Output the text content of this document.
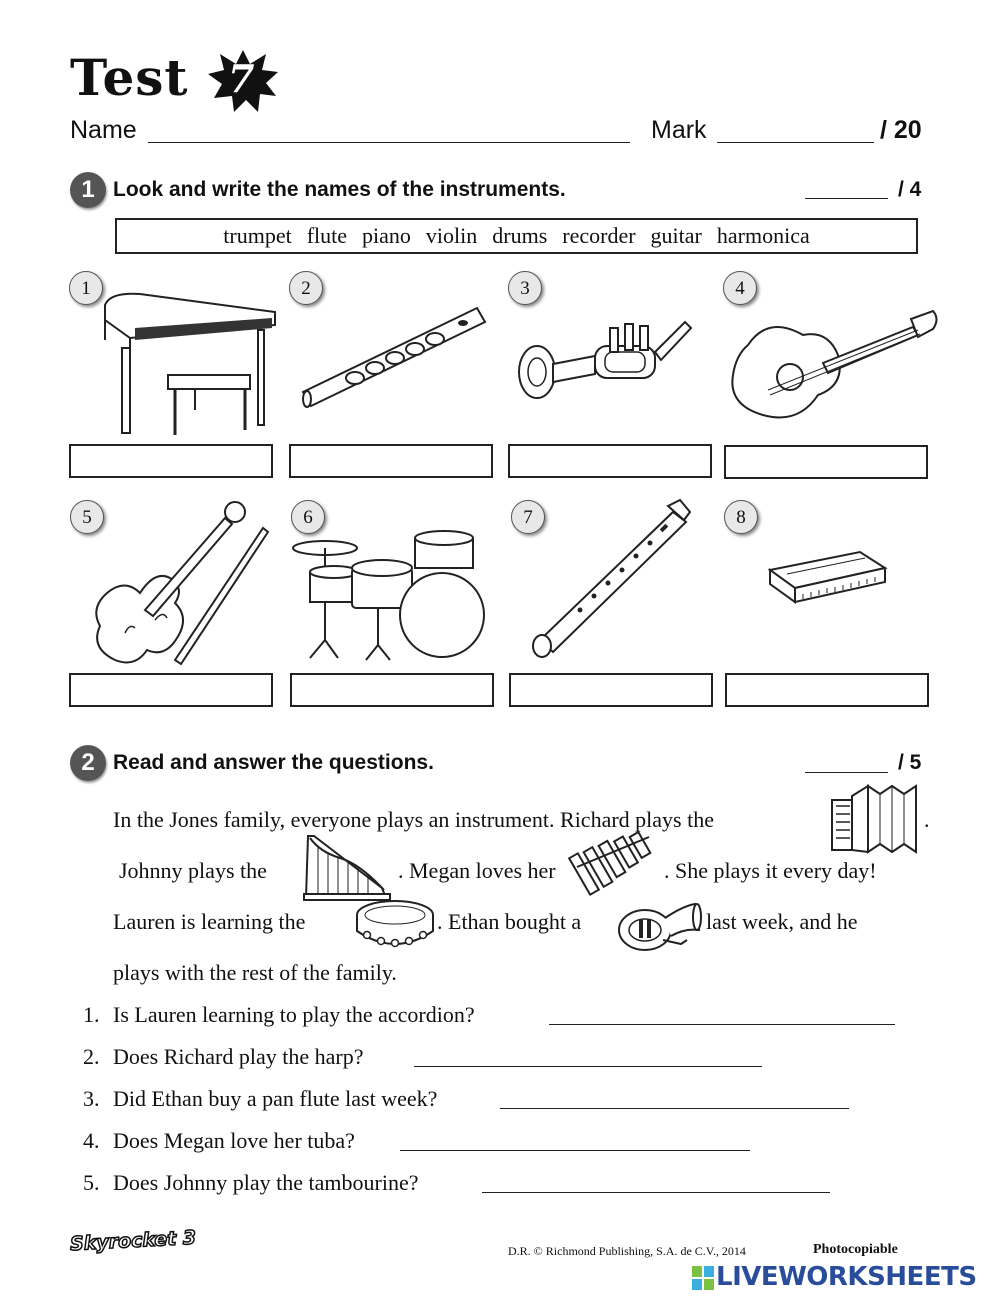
Test 7
Name	Mark	/ 20
1 Look and write the names of the instruments.	/ 4
trumpet flute piano violin drums recorder guitar harmonica
1	2	3	4
5	6	7	8
2 Read and answer the questions.	/ 5
In the Jones family, everyone plays an instrument. Richard plays the	.
Johnny plays the	. Megan loves her	. She plays it every day!
Lauren is learning the	. Ethan bought a	last week, and he
plays with the rest of the family.
1. Is Lauren learning to play the accordion?
2. Does Richard play the harp?
3. Did Ethan buy a pan flute last week?
4. Does Megan love her tuba?
5. Does Johnny play the tambourine?
Skyrocket 3	D.R. © Richmond Publishing, S.A. de C.V., 2014	Photocopiable
LIVEWORKSHEETS
